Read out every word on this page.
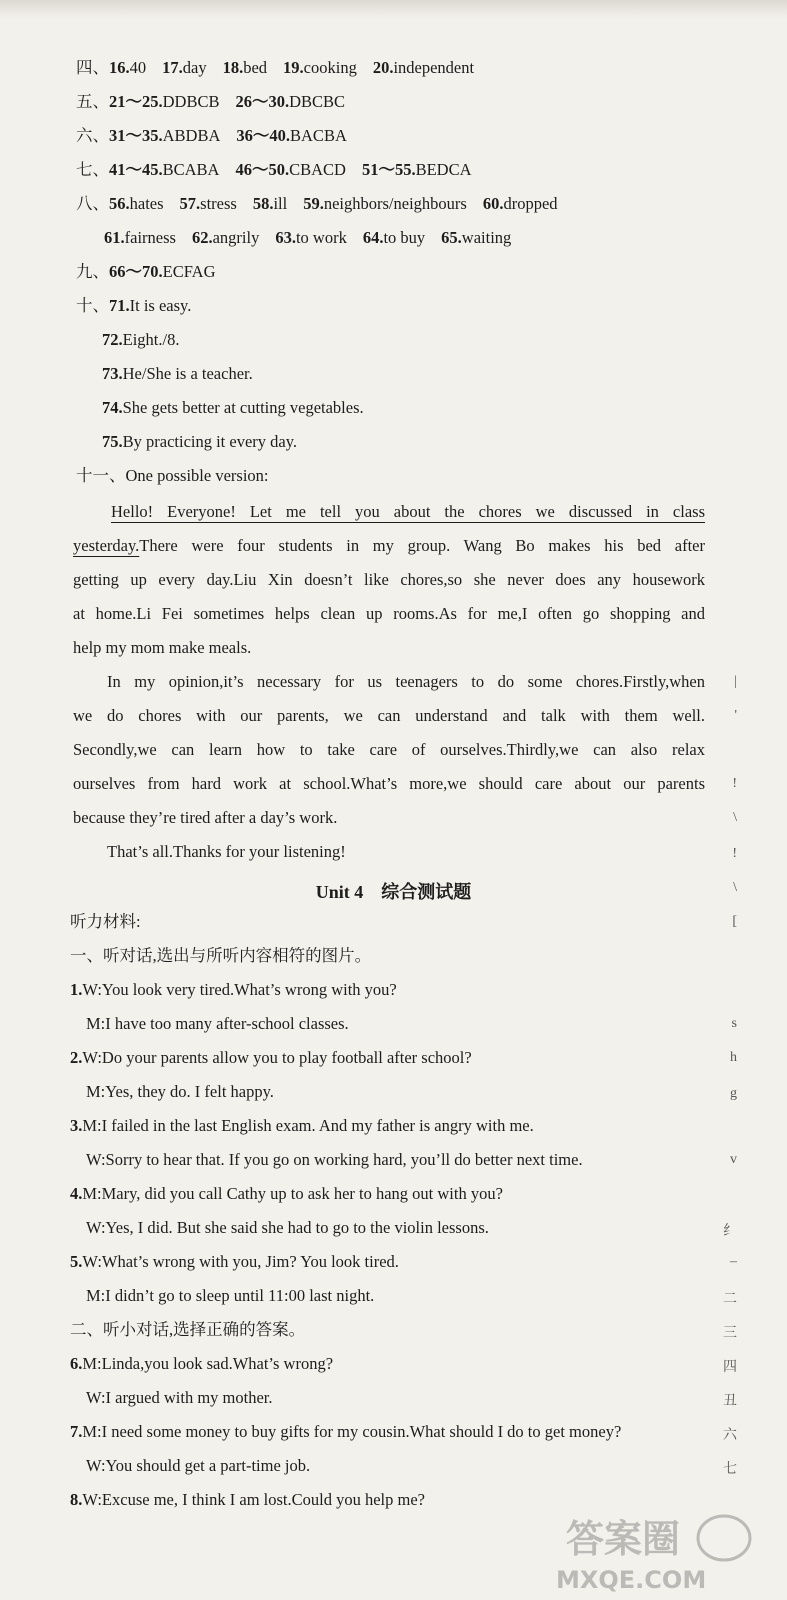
四、16.40 17.day 18.bed 19.cooking 20.independent
五、21～25.DDBCB 26～30.DBCBC
六、31～35.ABDBA 36～40.BACBA
七、41～45.BCABA 46～50.CBACD 51～55.BEDCA
八、56.hates 57.stress 58.ill 59.neighbors/neighbours 60.dropped
61.fairness 62.angrily 63.to work 64.to buy 65.waiting
九、66～70.ECFAG
十、71.It is easy.
72.Eight./8.
73.He/She is a teacher.
74.She gets better at cutting vegetables.
75.By practicing it every day.
十一、One possible version:
Hello! Everyone! Let me tell you about the chores we discussed in class
yesterday.There were four students in my group. Wang Bo makes his bed after
getting up every day.Liu Xin doesn’t like chores,so she never does any housework
at home.Li Fei sometimes helps clean up rooms.As for me,I often go shopping and
help my mom make meals.
In my opinion,it’s necessary for us teenagers to do some chores.Firstly,when
we do chores with our parents, we can understand and talk with them well.
Secondly,we can learn how to take care of ourselves.Thirdly,we can also relax
ourselves from hard work at school.What’s more,we should care about our parents
because they’re tired after a day’s work.
That’s all.Thanks for your listening!
Unit 4　综合测试题
听力材料:
一、听对话,选出与所听内容相符的图片。
1.W:You look very tired.What’s wrong with you?
M:I have too many after-school classes.
2.W:Do your parents allow you to play football after school?
M:Yes, they do. I felt happy.
3.M:I failed in the last English exam. And my father is angry with me.
W:Sorry to hear that. If you go on working hard, you’ll do better next time.
4.M:Mary, did you call Cathy up to ask her to hang out with you?
W:Yes, I did. But she said she had to go to the violin lessons.
5.W:What’s wrong with you, Jim? You look tired.
M:I didn’t go to sleep until 11:00 last night.
二、听小对话,选择正确的答案。
6.M:Linda,you look sad.What’s wrong?
W:I argued with my mother.
7.M:I need some money to buy gifts for my cousin.What should I do to get money?
W:You should get a part-time job.
8.W:Excuse me, I think I am lost.Could you help me?
|
'
!
\
!
\
[
s
h
g
v
纟
–
二
三
四
丑
六
七
答案圈
MXQE.COM
